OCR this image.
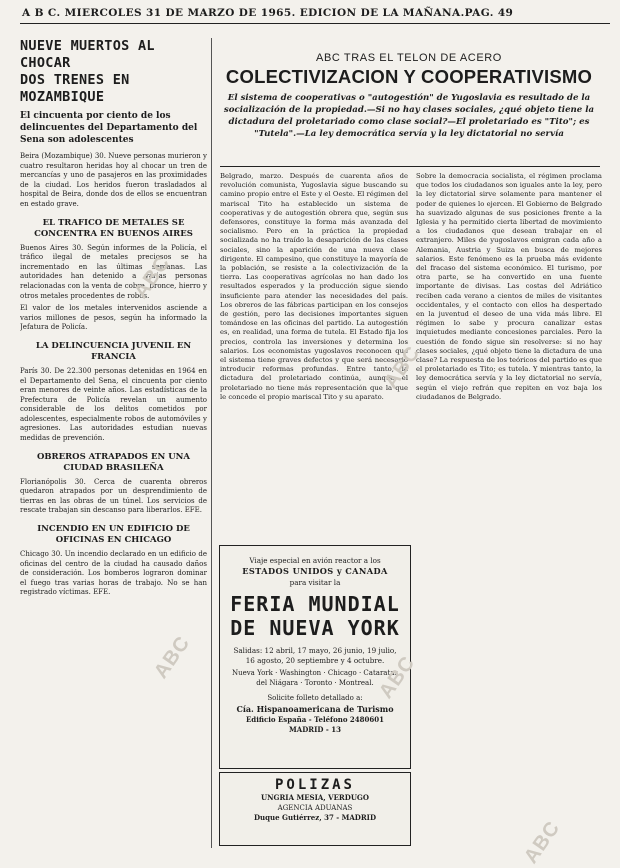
A B C. MIERCOLES 31 DE MARZO DE 1965. EDICION DE LA MAÑANA.PAG. 49
NUEVE MUERTOS AL CHOCAR
DOS TRENES EN MOZAMBIQUE
El cincuenta por ciento de los delincuentes del Departamento del Sena son adolescentes

Beira (Mozambique) 30. Nueve personas murieron y cuatro resultaron heridas hoy al chocar un tren de mercancías y uno de pasajeros en las proximidades de la ciudad. Los heridos fueron trasladados al hospital de Beira, donde dos de ellos se encuentran en estado grave.

EL TRAFICO DE METALES SE CONCENTRA EN BUENOS AIRES

Buenos Aires 30. Según informes de la Policía, el tráfico ilegal de metales preciosos se ha incrementado en las últimas semanas. Las autoridades han detenido a varias personas relacionadas con la venta de cobre, bronce, hierro y otros metales procedentes de robos.

El valor de los metales intervenidos asciende a varios millones de pesos, según ha informado la Jefatura de Policía.

LA DELINCUENCIA JUVENIL EN FRANCIA

París 30. De 22.300 personas detenidas en 1964 en el Departamento del Sena, el cincuenta por ciento eran menores de veinte años. Las estadísticas de la Prefectura de Policía revelan un aumento considerable de los delitos cometidos por adolescentes, especialmente robos de automóviles y agresiones. Las autoridades estudian nuevas medidas de prevención.

OBREROS ATRAPADOS EN UNA CIUDAD BRASILEÑA

Florianópolis 30. Cerca de cuarenta obreros quedaron atrapados por un desprendimiento de tierras en las obras de un túnel. Los servicios de rescate trabajan sin descanso para liberarlos. EFE.

INCENDIO EN UN EDIFICIO DE OFICINAS EN CHICAGO

Chicago 30. Un incendio declarado en un edificio de oficinas del centro de la ciudad ha causado daños de consideración. Los bomberos lograron dominar el fuego tras varias horas de trabajo. No se han registrado víctimas. EFE.

ABC TRAS EL TELON DE ACERO
COLECTIVIZACION Y COOPERATIVISMO
El sistema de cooperativas o "autogestión" de Yugoslavia es resultado de la socialización de la propiedad.—Si no hay clases sociales, ¿qué objeto tiene la dictadura del proletariado como clase social?—El proletariado es "Tito"; es "Tutela".—La ley democrática servía y la ley dictatorial no servía
Belgrado, marzo. Después de cuarenta años de revolución comunista, Yugoslavia sigue buscando su camino propio entre el Este y el Oeste. El régimen del mariscal Tito ha establecido un sistema de cooperativas y de autogestión obrera que, según sus defensores, constituye la forma más avanzada del socialismo. Pero en la práctica la propiedad socializada no ha traído la desaparición de las clases sociales, sino la aparición de una nueva clase dirigente. El campesino, que constituye la mayoría de la población, se resiste a la colectivización de la tierra. Las cooperativas agrícolas no han dado los resultados esperados y la producción sigue siendo insuficiente para atender las necesidades del país. Los obreros de las fábricas participan en los consejos de gestión, pero las decisiones importantes siguen tomándose en las oficinas del partido. La autogestión es, en realidad, una forma de tutela. El Estado fija los precios, controla las inversiones y determina los salarios. Los economistas yugoslavos reconocen que el sistema tiene graves defectos y que será necesario introducir reformas profundas. Entre tanto, la dictadura del proletariado continúa, aunque el proletariado no tiene más representación que la que le concede el propio mariscal Tito y su aparato.
Sobre la democracia socialista, el régimen proclama que todos los ciudadanos son iguales ante la ley, pero la ley dictatorial sirve solamente para mantener el poder de quienes lo ejercen. El Gobierno de Belgrado ha suavizado algunas de sus posiciones frente a la Iglesia y ha permitido cierta libertad de movimiento a los ciudadanos que desean trabajar en el extranjero. Miles de yugoslavos emigran cada año a Alemania, Austria y Suiza en busca de mejores salarios. Este fenómeno es la prueba más evidente del fracaso del sistema económico. El turismo, por otra parte, se ha convertido en una fuente importante de divisas. Las costas del Adriático reciben cada verano a cientos de miles de visitantes occidentales, y el contacto con ellos ha despertado en la juventud el deseo de una vida más libre. El régimen lo sabe y procura canalizar estas inquietudes mediante concesiones parciales. Pero la cuestión de fondo sigue sin resolverse: si no hay clases sociales, ¿qué objeto tiene la dictadura de una clase? La respuesta de los teóricos del partido es que el proletariado es Tito; es tutela. Y mientras tanto, la ley democrática servía y la ley dictatorial no servía, según el viejo refrán que repiten en voz baja los ciudadanos de Belgrado.
Viaje especial en avión reactor a los
ESTADOS UNIDOS y CANADA
para visitar la
FERIA MUNDIAL
DE NUEVA YORK
Salidas: 12 abril, 17 mayo, 26 junio, 19 julio, 16 agosto, 20 septiembre y 4 octubre.
Nueva York · Washington · Chicago · Cataratas del Niágara · Toronto · Montreal.
Solicite folleto detallado a:
Cía. Hispanoamericana de Turismo
Edificio España - Teléfono 2480601
MADRID - 13
POLIZAS
UNGRIA MESIA, VERDUGO
AGENCIA ADUANAS
Duque Gutiérrez, 37 - MADRID
ABC
ABC
ABC	ABC
ABC
